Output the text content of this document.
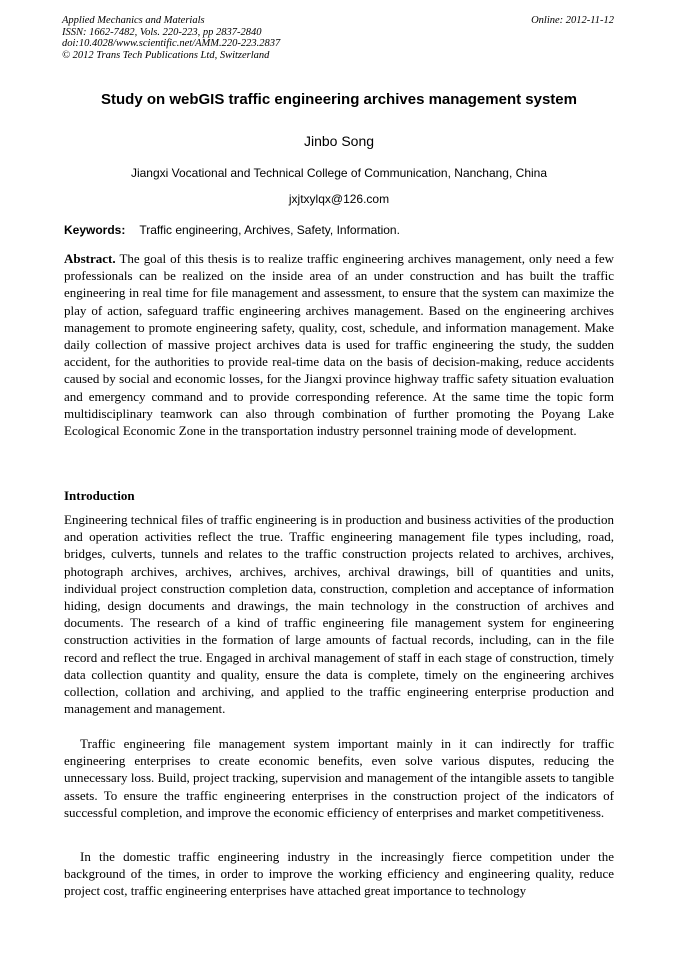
Applied Mechanics and Materials
ISSN: 1662-7482, Vols. 220-223, pp 2837-2840
doi:10.4028/www.scientific.net/AMM.220-223.2837
© 2012 Trans Tech Publications Ltd, Switzerland
Online: 2012-11-12
Study on webGIS traffic engineering archives management system
Jinbo Song
Jiangxi Vocational and Technical College of Communication, Nanchang, China
jxjtxylqx@126.com
Keywords: Traffic engineering, Archives, Safety, Information.

Abstract. The goal of this thesis is to realize traffic engineering archives management, only need a few professionals can be realized on the inside area of an under construction and has built the traffic engineering in real time for file management and assessment, to ensure that the system can maximize the play of action, safeguard traffic engineering archives management. Based on the engineering archives management to promote engineering safety, quality, cost, schedule, and information management. Make daily collection of massive project archives data is used for traffic engineering the study, the sudden accident, for the authorities to provide real-time data on the basis of decision-making, reduce accidents caused by social and economic losses, for the Jiangxi province highway traffic safety situation evaluation and emergency command and to provide corresponding reference. At the same time the topic form multidisciplinary teamwork can also through combination of further promoting the Poyang Lake Ecological Economic Zone in the transportation industry personnel training mode of development.

Introduction

Engineering technical files of traffic engineering is in production and business activities of the production and operation activities reflect the true. Traffic engineering management file types including, road, bridges, culverts, tunnels and relates to the traffic construction projects related to archives, archives, photograph archives, archives, archives, archives, archival drawings, bill of quantities and units, individual project construction completion data, construction, completion and acceptance of information hiding, design documents and drawings, the main technology in the construction of archives and documents. The research of a kind of traffic engineering file management system for engineering construction activities in the formation of large amounts of factual records, including, can in the file record and reflect the true. Engaged in archival management of staff in each stage of construction, timely data collection quantity and quality, ensure the data is complete, timely on the engineering archives collection, collation and archiving, and applied to the traffic engineering enterprise production and management and management.

Traffic engineering file management system important mainly in it can indirectly for traffic engineering enterprises to create economic benefits, even solve various disputes, reducing the unnecessary loss. Build, project tracking, supervision and management of the intangible assets to tangible assets. To ensure the traffic engineering enterprises in the construction project of the indicators of successful completion, and improve the economic efficiency of enterprises and market competitiveness.

In the domestic traffic engineering industry in the increasingly fierce competition under the background of the times, in order to improve the working efficiency and engineering quality, reduce project cost, traffic engineering enterprises have attached great importance to technology
